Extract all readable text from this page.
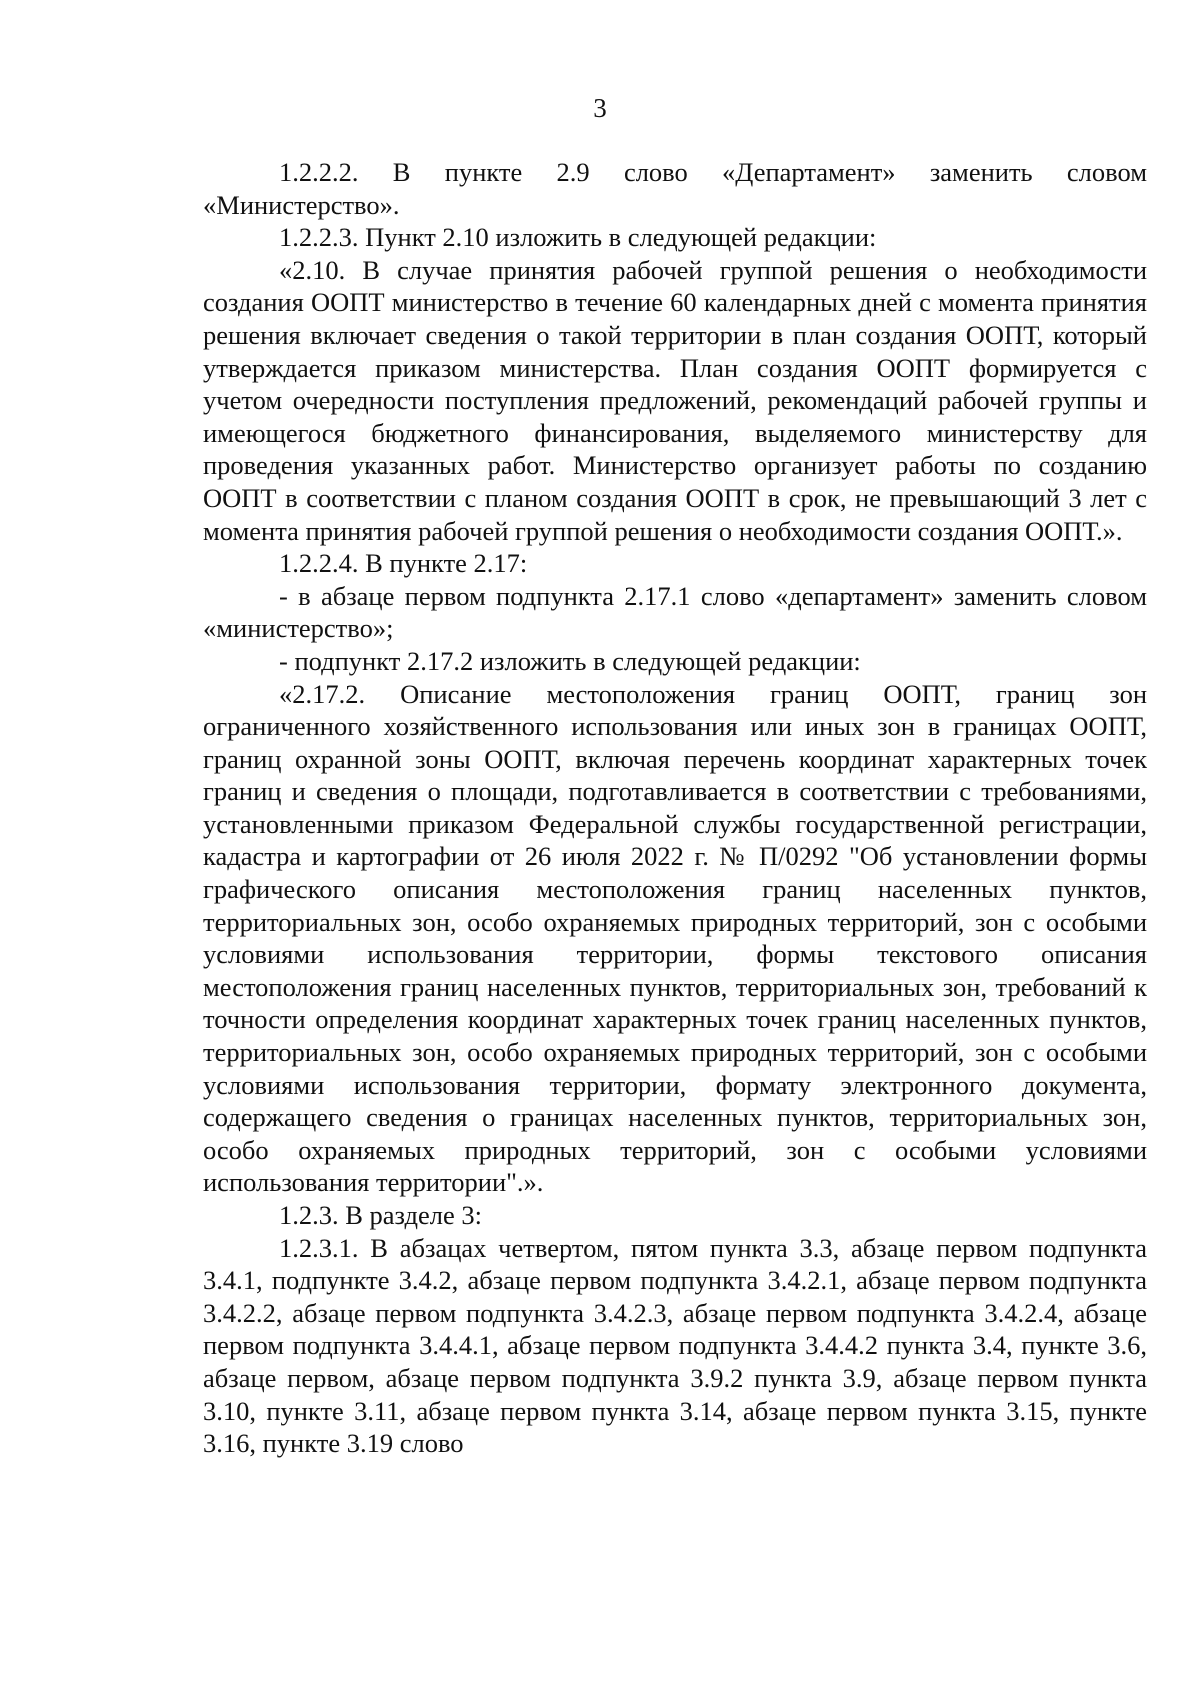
3

1.2.2.2. В пункте 2.9 слово «Департамент» заменить словом «Министерство».

1.2.2.3. Пункт 2.10 изложить в следующей редакции:

«2.10. В случае принятия рабочей группой решения о необходимости создания ООПТ министерство в течение 60 календарных дней с момента принятия решения включает сведения о такой территории в план создания ООПТ, который утверждается приказом министерства. План создания ООПТ формируется с учетом очередности поступления предложений, рекомендаций рабочей группы и имеющегося бюджетного финансирования, выделяемого министерству для проведения указанных работ. Министерство организует работы по созданию ООПТ в соответствии с планом создания ООПТ в срок, не превышающий 3 лет с момента принятия рабочей группой решения о необходимости создания ООПТ.».

1.2.2.4. В пункте 2.17:

- в абзаце первом подпункта 2.17.1 слово «департамент» заменить словом «министерство»;

- подпункт 2.17.2 изложить в следующей редакции:

«2.17.2. Описание местоположения границ ООПТ, границ зон ограниченного хозяйственного использования или иных зон в границах ООПТ, границ охранной зоны ООПТ, включая перечень координат характерных точек границ и сведения о площади, подготавливается в соответствии с требованиями, установленными приказом Федеральной службы государственной регистрации, кадастра и картографии от 26 июля 2022 г. № П/0292 "Об установлении формы графического описания местоположения границ населенных пунктов, территориальных зон, особо охраняемых природных территорий, зон с особыми условиями использования территории, формы текстового описания местоположения границ населенных пунктов, территориальных зон, требований к точности определения координат характерных точек границ населенных пунктов, территориальных зон, особо охраняемых природных территорий, зон с особыми условиями использования территории, формату электронного документа, содержащего сведения о границах населенных пунктов, территориальных зон, особо охраняемых природных территорий, зон с особыми условиями использования территории".».

1.2.3. В разделе 3:

1.2.3.1. В абзацах четвертом, пятом пункта 3.3, абзаце первом подпункта 3.4.1, подпункте 3.4.2, абзаце первом подпункта 3.4.2.1, абзаце первом подпункта 3.4.2.2, абзаце первом подпункта 3.4.2.3, абзаце первом подпункта 3.4.2.4, абзаце первом подпункта 3.4.4.1, абзаце первом подпункта 3.4.4.2 пункта 3.4, пункте 3.6, абзаце первом, абзаце первом подпункта 3.9.2 пункта 3.9, абзаце первом пункта 3.10, пункте 3.11, абзаце первом пункта 3.14, абзаце первом пункта 3.15, пункте 3.16, пункте 3.19 слово
